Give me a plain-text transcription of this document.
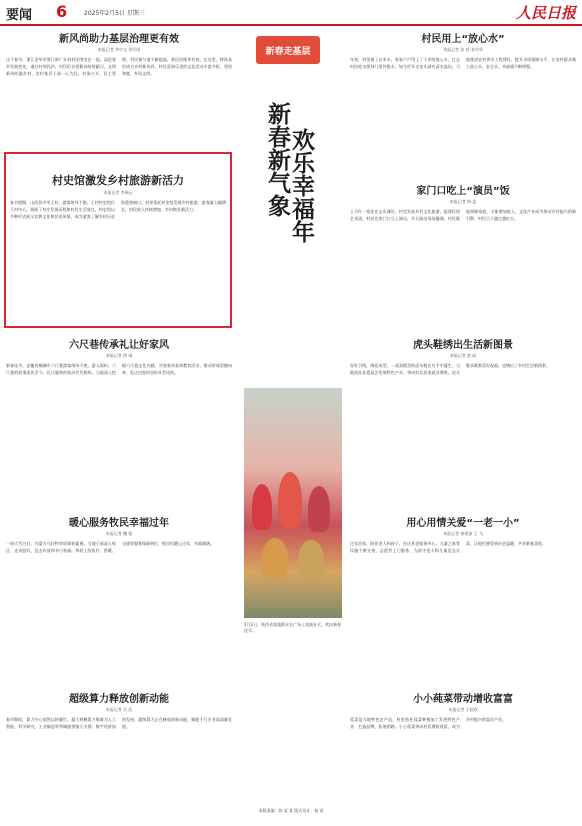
要闻 6	2025年2月5日 星期三	人民日报
新风尚助力基层治理更有效
本报记者 李中文 刘军国
这个春节，浙江金华市浙江新广社村村民围坐在一起，谈论家乡发展变化。通过村规民约，村民们自觉摒弃陈规陋习，文明新风吹遍乡村。农村基层干部一心为民，村务公开，民主管理，村民参与度不断提高，基层治理更有效。在这里，移风易俗成为乡村新风尚，村民喜闻乐见的文化活动丰富多彩，邻里和睦，乡风文明。
新春走基层
新春新气象
欢乐幸福年
村民用上“放心水”
本报记者 张 枝 张丹华
年初，村里通了自来水，家家户户用上了干净的放心水。过去村民吃水要到几里外挑水，如今拧开水龙头就有清水流出。当地推进农村供水工程建设，提升水质保障水平，让农村群众喝上放心水、安全水，幸福感不断增强。
村史馆激发乡村旅游新活力
本报记者 李瑞元
春节假期，山西晋中市王村，游客络绎不绝。王村村史馆位于村中心，展陈了村庄发展历程和村民生活变迁。村史馆以多种形式展示农耕文化和民俗风情，成为游客了解乡村历史的重要窗口。村里依托村史馆发展乡村旅游，游客量大幅增长，村民收入持续增加，乡村焕发新活力。
家门口吃上“演员”饭
本报记者 杨 盖
王月红一家住在山东潍坊，村里发展乡村文化旅游，组建民间艺术团，村民在家门口当上演员，节日演出场场爆满。村民既能照顾家庭，又能增加收入，文化产业成为带动乡村振兴的新引擎，村民日子越过越红火。
六尺巷传承礼让好家风
本报记者 徐 靖
新春佳节，安徽省桐城市六尺巷游客络绎不绝，游人如织。六尺巷的故事流传至今，礼让谦和的家风代代相传。当地深入挖掘六尺巷文化内涵，开展家风家训教育活动，推动形成崇德向善、礼让包容的良好社会风尚。
虎头鞋绣出生活新图景
本报记者 赵 政
穿针引线，绣花成型，一双双精美的虎头鞋在巧手中诞生。当地依托非遗技艺发展特色产业，带动妇女居家就业增收。虎头鞋承载着美好祝福，也绣出了乡村生活新图景。
2月2日，陕西省某地群众在广场上表演社火，欢庆新春佳节。
暖心服务牧民幸福过年
本报记者 魏 稳
一场大雪过后，内蒙古乌拉特草原银装素裹。当地干部深入牧区，走访慰问，送去年货和节日祝福。草原上的医疗、供暖、交通等服务保障到位，牧民们暖心过年，幸福满满。
用心用情关爱“一老一小”
本报记者 郁建加 王 飞
过年回家，陪伴老人和孩子。社区养老服务中心、儿童之家等设施不断完善，志愿者上门服务，为留守老人和儿童送去关爱，让他们感受到社会温暖，共享新春喜悦。
超级算力释放创新动能
本报记者 吴 浩
春节期间，算力中心依然运转繁忙。超大规模算力集群为人工智能、科学研究、工业制造等领域提供强大支撑。数字经济加快发展，超级算力正在释放创新动能，赋能千行百业高质量发展。
小小莼菜带动增收富富
本报记者 王政欣
莼菜是当地特色农产品，村里依托莼菜种植加工发展特色产业，打造品牌，拓展销路。小小莼菜带动村民增收致富，成为乡村振兴的富民产业。
本版责编：陈 某 某 版式设计：杨 某
